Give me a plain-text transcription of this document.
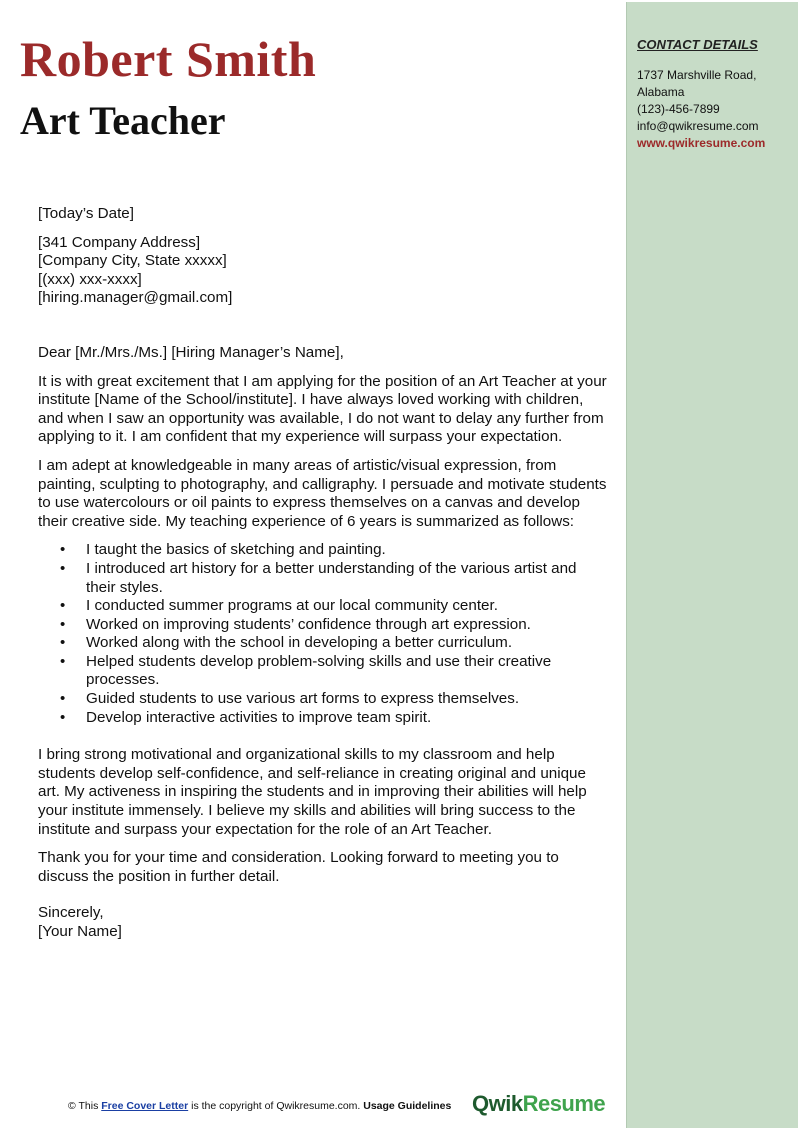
CONTACT DETAILS
1737 Marshville Road,
Alabama
(123)-456-7899
info@qwikresume.com
www.qwikresume.com
Robert Smith
Art Teacher

[Today’s Date]

[341 Company Address]

[Company City, State xxxxx]

[(xxx) xxx-xxxx]

[hiring.manager@gmail.com]

Dear [Mr./Mrs./Ms.] [Hiring Manager’s Name],

It is with great excitement that I am applying for the position of an Art Teacher at your institute [Name of the School/institute]. I have always loved working with children, and when I saw an opportunity was available, I do not want to delay any further from applying to it. I am confident that my experience will surpass your expectation.

I am adept at knowledgeable in many areas of artistic/visual expression, from painting, sculpting to photography, and calligraphy. I persuade and motivate students to use watercolours or oil paints to express themselves on a canvas and develop their creative side. My teaching experience of 6 years is summarized as follows:

• I taught the basics of sketching and painting.
• I introduced art history for a better understanding of the various artist and their styles.
• I conducted summer programs at our local community center.
• Worked on improving students’ confidence through art expression.
• Worked along with the school in developing a better curriculum.
• Helped students develop problem-solving skills and use their creative processes.
• Guided students to use various art forms to express themselves.
• Develop interactive activities to improve team spirit.

I bring strong motivational and organizational skills to my classroom and help students develop self-confidence, and self-reliance in creating original and unique art. My activeness in inspiring the students and in improving their abilities will help your institute immensely. I believe my skills and abilities will bring success to the institute and surpass your expectation for the role of an Art Teacher.

Thank you for your time and consideration. Looking forward to meeting you to discuss the position in further detail.

Sincerely,

[Your Name]

© This Free Cover Letter is the copyright of Qwikresume.com. Usage Guidelines QwikResume
